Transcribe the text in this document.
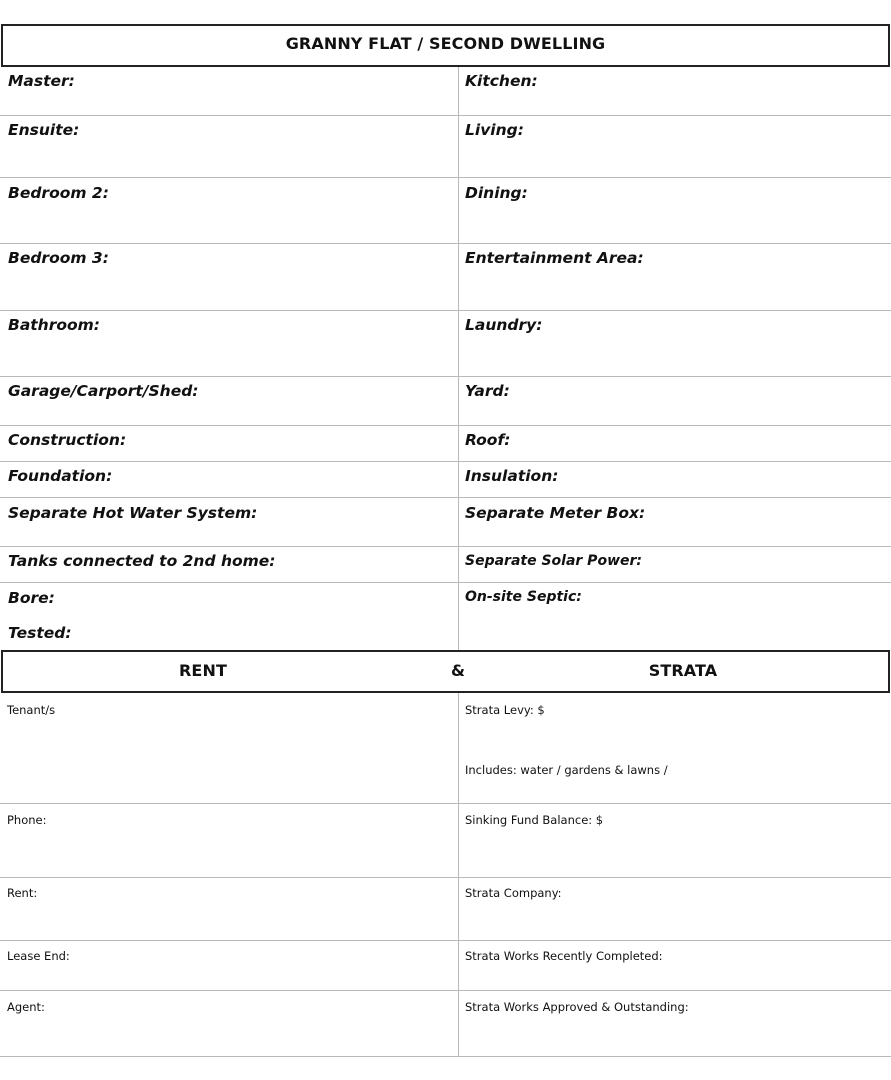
GRANNY FLAT / SECOND DWELLING
Master:
Ensuite:
Bedroom 2:
Bedroom 3:
Bathroom:
Garage/Carport/Shed:
Construction:
Foundation:
Separate Hot Water System:
Tanks connected to 2nd home:
Bore:
Tested:
Kitchen:
Living:
Dining:
Entertainment Area:
Laundry:
Yard:
Roof:
Insulation:
Separate Meter Box:
Separate Solar Power:
On-site Septic:
RENT	&	STRATA
Tenant/s
Phone:
Rent:
Lease End:
Agent:
Strata Levy: $
Includes: water / gardens & lawns /
Sinking Fund Balance: $
Strata Company:
Strata Works Recently Completed:
Strata Works Approved & Outstanding:
